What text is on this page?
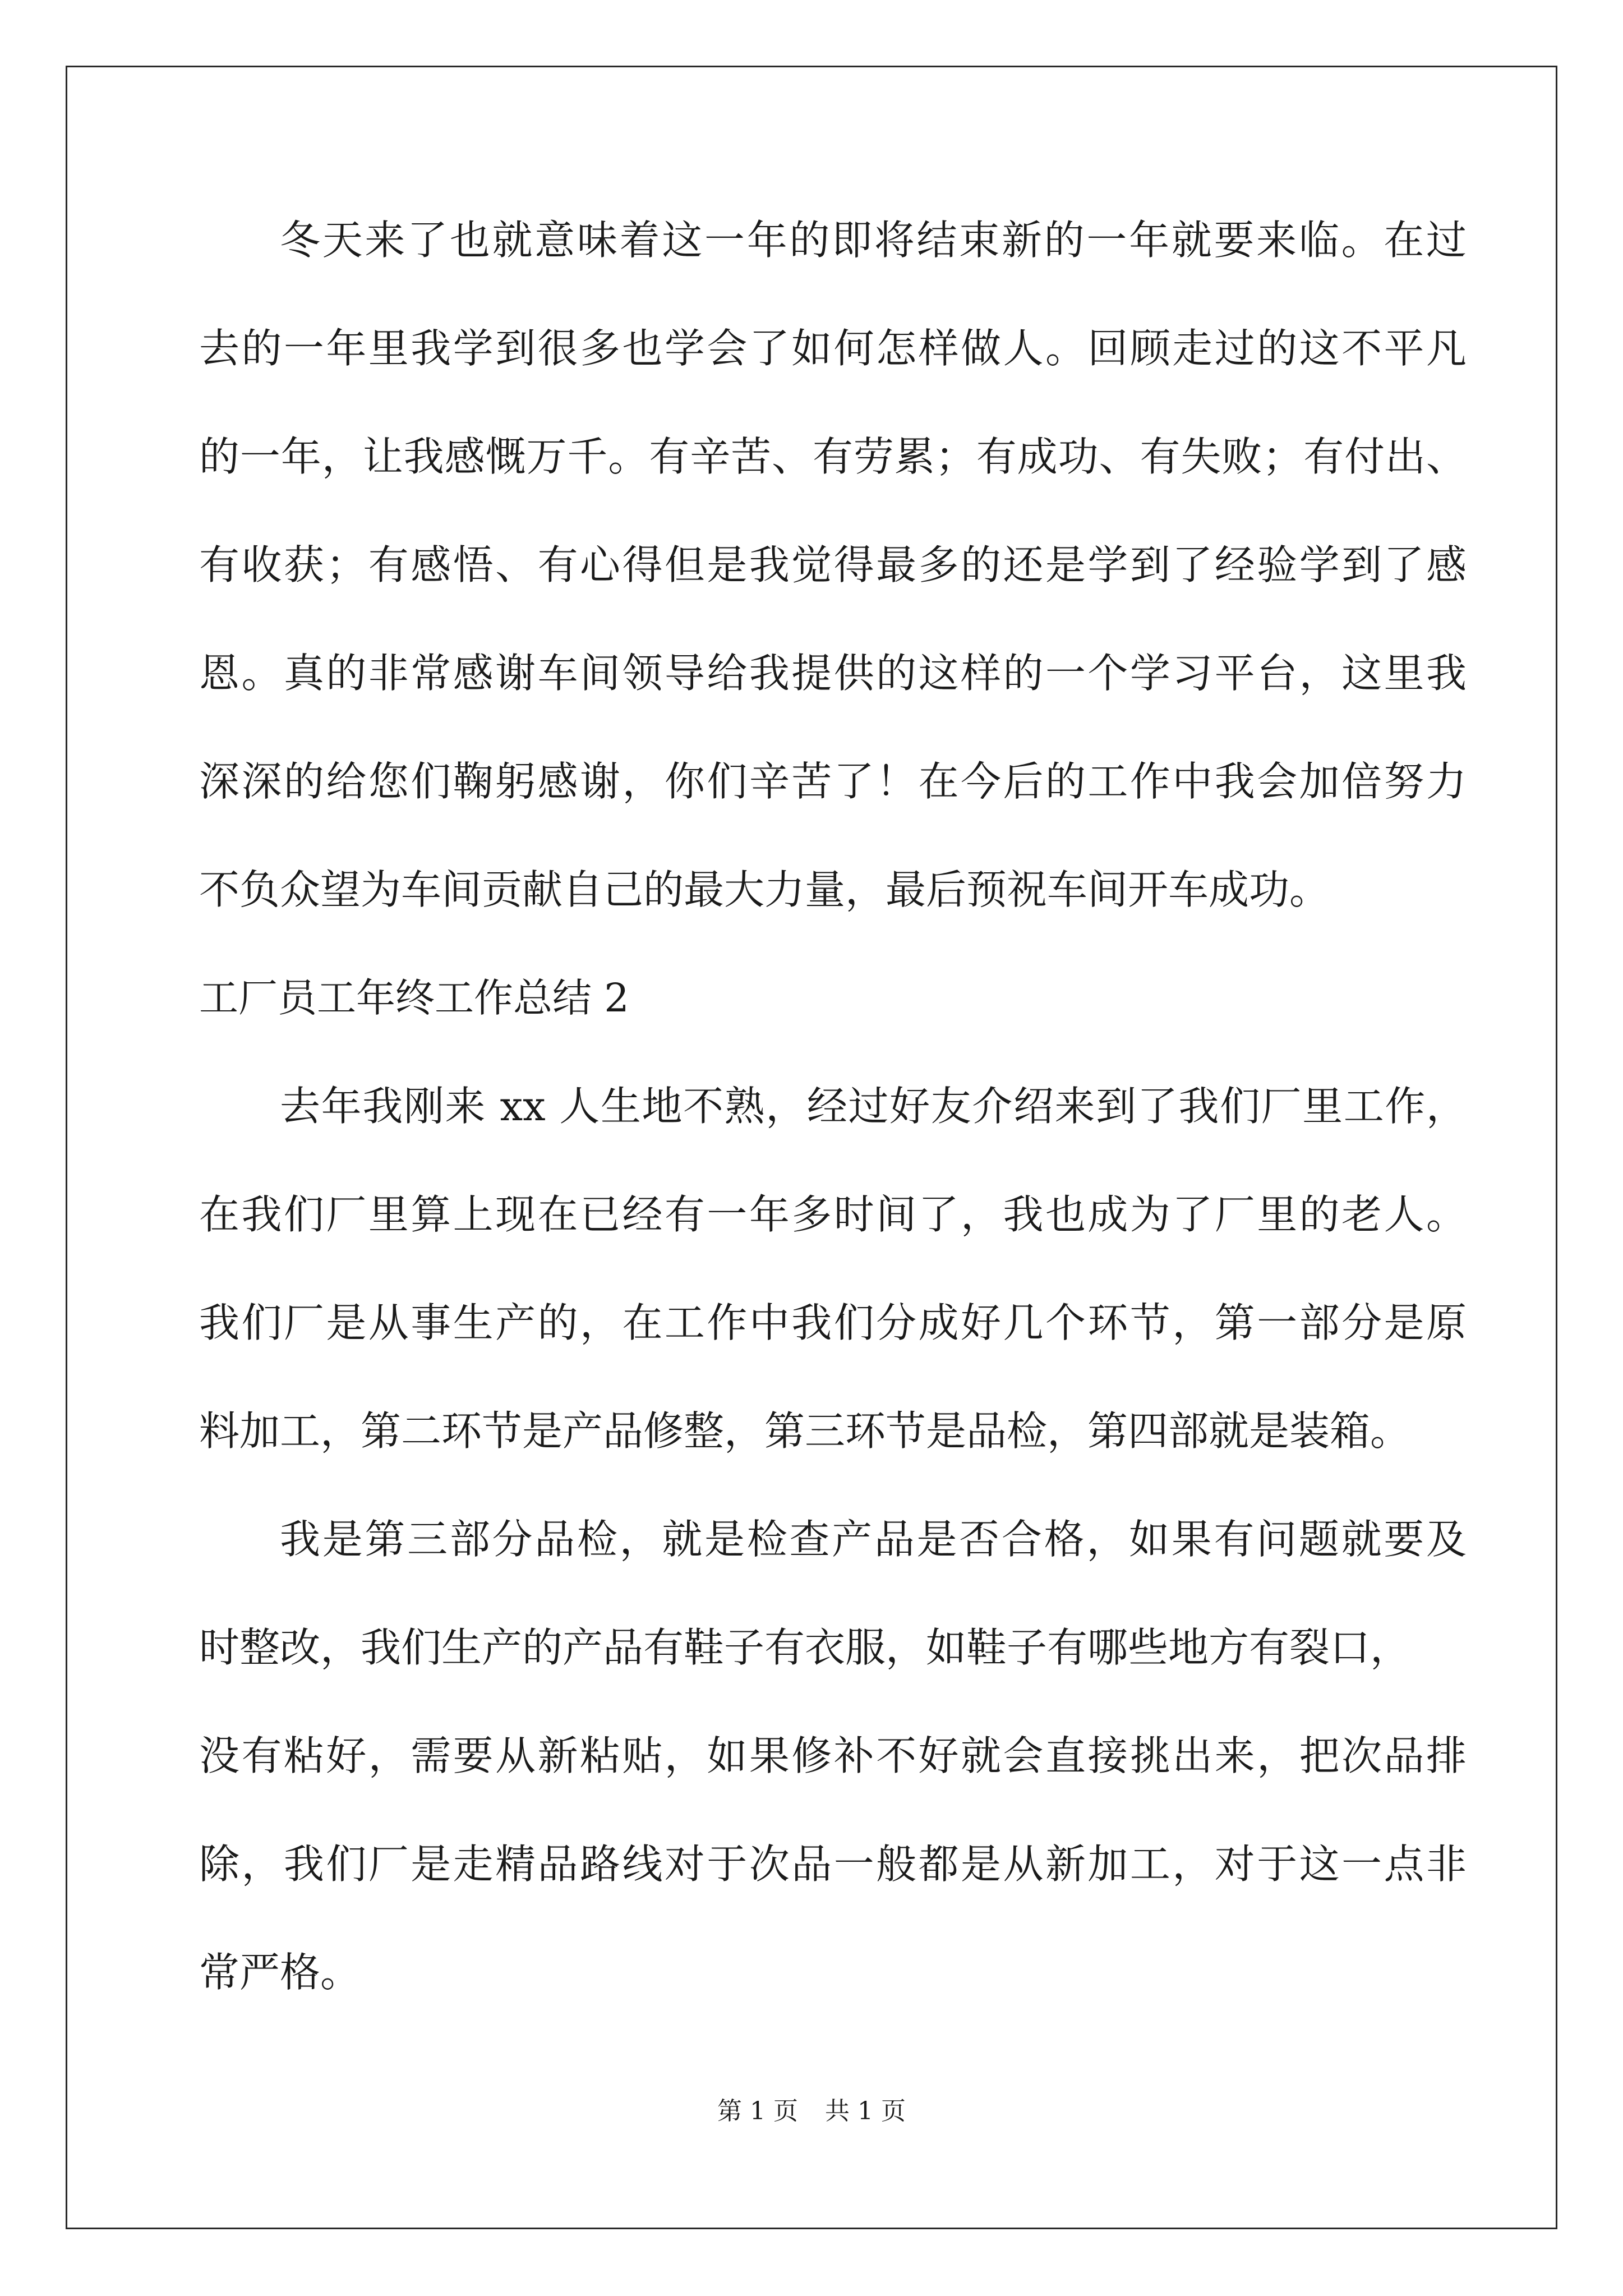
冬天来了也就意味着这一年的即将结束新的一年就要来临。在过
去的一年里我学到很多也学会了如何怎样做人。回顾走过的这不平凡
的一年，让我感慨万千。有辛苦、有劳累；有成功、有失败；有付出、
有收获；有感悟、有心得但是我觉得最多的还是学到了经验学到了感
恩。真的非常感谢车间领导给我提供的这样的一个学习平台，这里我
深深的给您们鞠躬感谢，你们辛苦了！在今后的工作中我会加倍努力
不负众望为车间贡献自己的最大力量，最后预祝车间开车成功。
工厂员工年终工作总结 2
去年我刚来 xx 人生地不熟，经过好友介绍来到了我们厂里工作，
在我们厂里算上现在已经有一年多时间了，我也成为了厂里的老人。
我们厂是从事生产的，在工作中我们分成好几个环节，第一部分是原
料加工，第二环节是产品修整，第三环节是品检，第四部就是装箱。
我是第三部分品检，就是检查产品是否合格，如果有问题就要及
时整改，我们生产的产品有鞋子有衣服，如鞋子有哪些地方有裂口，
没有粘好，需要从新粘贴，如果修补不好就会直接挑出来，把次品排
除，我们厂是走精品路线对于次品一般都是从新加工，对于这一点非
常严格。
第 1 页 共 1 页
